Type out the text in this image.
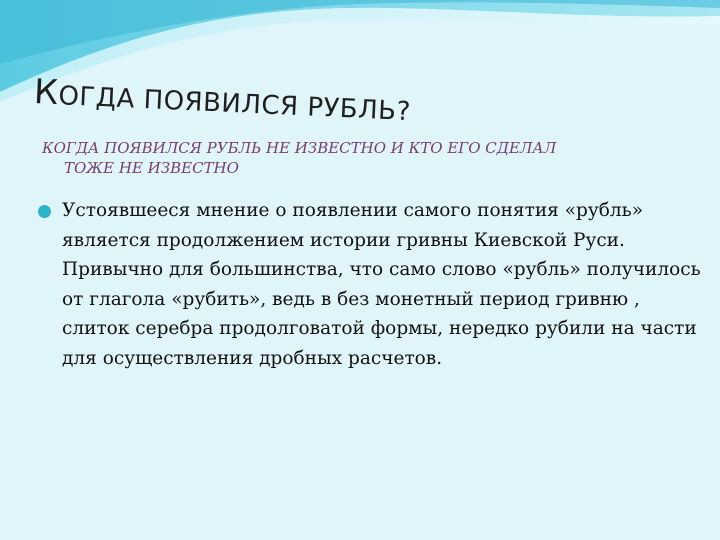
КОГДА ПОЯВИЛСЯ РУБЛЬ?
КОГДА ПОЯВИЛСЯ РУБЛЬ НЕ ИЗВЕСТНО И КТО ЕГО СДЕЛАЛ
ТОЖЕ НЕ ИЗВЕСТНО
Устоявшееся мнение о появлении самого понятия «рубль» является продолжением истории гривны Киевской Руси. Привычно для большинства, что само слово «рубль» получилось от глагола «рубить», ведь в без монетный период гривню , слиток серебра продолговатой формы, нередко рубили на части для осуществления дробных расчетов.
